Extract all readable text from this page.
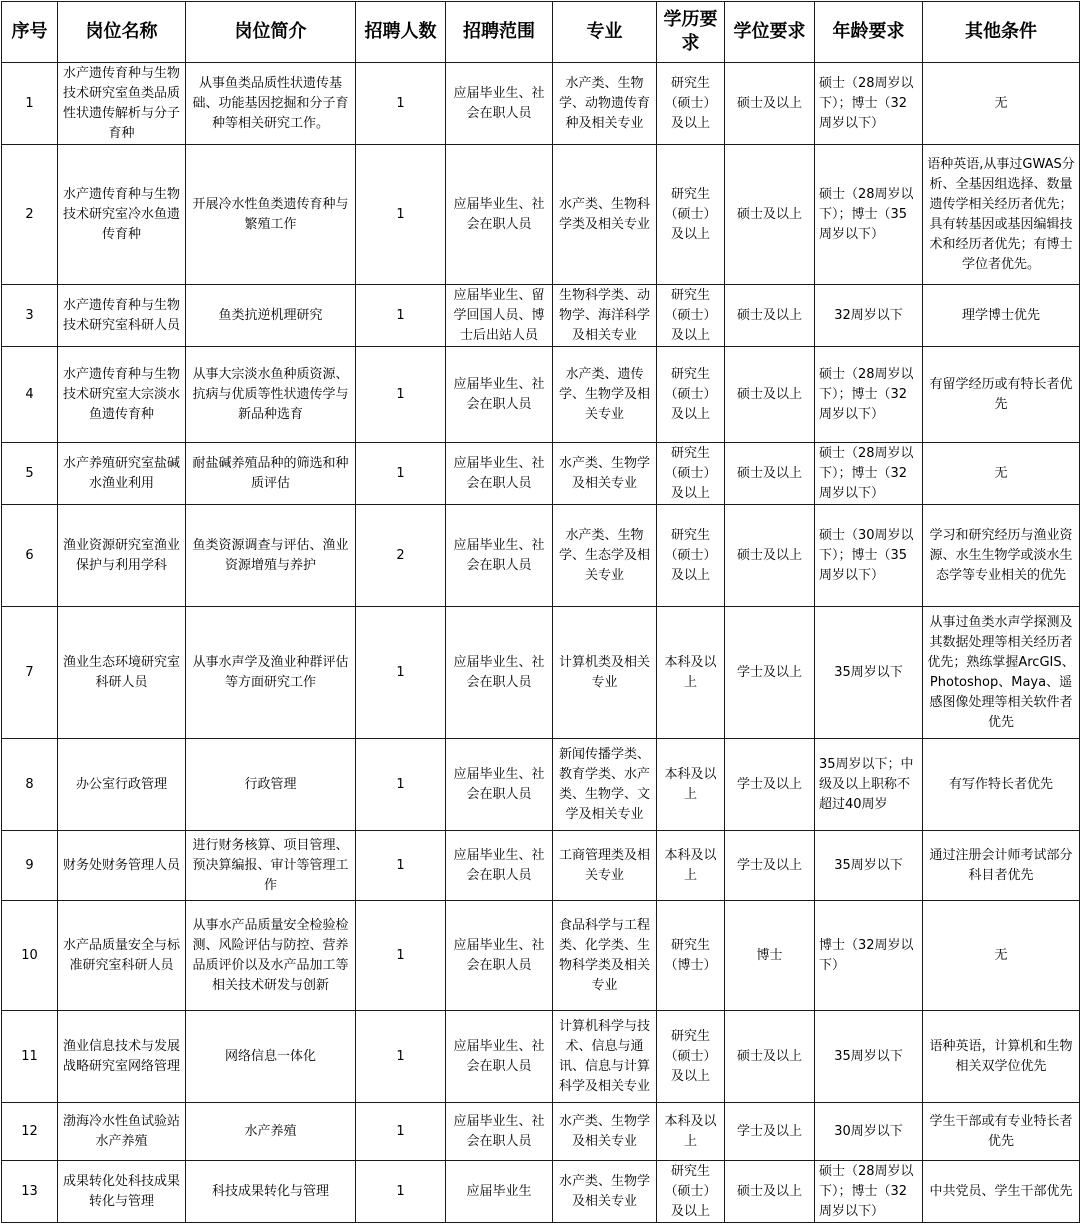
序号	岗位名称	岗位简介	招聘人数	招聘范围	专业	学历要求	学位要求	年龄要求	其他条件
1	水产遗传育种与生物技术研究室鱼类品质性状遗传解析与分子育种	从事鱼类品质性状遗传基础、功能基因挖掘和分子育种等相关研究工作。	1	应届毕业生、社会在职人员	水产类、生物学、动物遗传育种及相关专业	研究生（硕士）及以上	硕士及以上	硕士（28周岁以下）；博士（32周岁以下）	无
2	水产遗传育种与生物技术研究室冷水鱼遗传育种	开展冷水性鱼类遗传育种与繁殖工作	1	应届毕业生、社会在职人员	水产类、生物科学类及相关专业	研究生（硕士）及以上	硕士及以上	硕士（28周岁以下）；博士（35周岁以下）	语种英语,从事过GWAS分析、全基因组选择、数量遗传学相关经历者优先；具有转基因或基因编辑技术和经历者优先；有博士学位者优先。
3	水产遗传育种与生物技术研究室科研人员	鱼类抗逆机理研究	1	应届毕业生、留学回国人员、博士后出站人员	生物科学类、动物学、海洋科学及相关专业	研究生（硕士）及以上	硕士及以上	32周岁以下	理学博士优先
4	水产遗传育种与生物技术研究室大宗淡水鱼遗传育种	从事大宗淡水鱼种质资源、抗病与优质等性状遗传学与新品种选育	1	应届毕业生、社会在职人员	水产类、遗传学、生物学及相关专业	研究生（硕士）及以上	硕士及以上	硕士（28周岁以下）；博士（32周岁以下）	有留学经历或有特长者优先
5	水产养殖研究室盐碱水渔业利用	耐盐碱养殖品种的筛选和种质评估	1	应届毕业生、社会在职人员	水产类、生物学及相关专业	研究生（硕士）及以上	硕士及以上	硕士（28周岁以下）；博士（32周岁以下）	无
6	渔业资源研究室渔业保护与利用学科	鱼类资源调查与评估、渔业资源增殖与养护	2	应届毕业生、社会在职人员	水产类、生物学、生态学及相关专业	研究生（硕士）及以上	硕士及以上	硕士（30周岁以下）；博士（35周岁以下）	学习和研究经历与渔业资源、水生生物学或淡水生态学等专业相关的优先
7	渔业生态环境研究室科研人员	从事水声学及渔业种群评估等方面研究工作	1	应届毕业生、社会在职人员	计算机类及相关专业	本科及以上	学士及以上	35周岁以下	从事过鱼类水声学探测及其数据处理等相关经历者优先；熟练掌握ArcGIS、Photoshop、Maya、遥感图像处理等相关软件者优先
8	办公室行政管理	行政管理	1	应届毕业生、社会在职人员	新闻传播学类、教育学类、水产类、生物学、文学及相关专业	本科及以上	学士及以上	35周岁以下；中级及以上职称不超过40周岁	有写作特长者优先
9	财务处财务管理人员	进行财务核算、项目管理、预决算编报、审计等管理工作	1	应届毕业生、社会在职人员	工商管理类及相关专业	本科及以上	学士及以上	35周岁以下	通过注册会计师考试部分科目者优先
10	水产品质量安全与标准研究室科研人员	从事水产品质量安全检验检测、风险评估与防控、营养品质评价以及水产品加工等相关技术研发与创新	1	应届毕业生、社会在职人员	食品科学与工程类、化学类、生物科学类及相关专业	研究生（博士）	博士	博士（32周岁以下）	无
11	渔业信息技术与发展战略研究室网络管理	网络信息一体化	1	应届毕业生、社会在职人员	计算机科学与技术、信息与通讯、信息与计算科学及相关专业	研究生（硕士）及以上	硕士及以上	35周岁以下	语种英语，计算机和生物相关双学位优先
12	渤海冷水性鱼试验站水产养殖	水产养殖	1	应届毕业生、社会在职人员	水产类、生物学及相关专业	本科及以上	学士及以上	30周岁以下	学生干部或有专业特长者优先
13	成果转化处科技成果转化与管理	科技成果转化与管理	1	应届毕业生	水产类、生物学及相关专业	研究生（硕士）及以上	硕士及以上	硕士（28周岁以下）；博士（32周岁以下）	中共党员、学生干部优先
